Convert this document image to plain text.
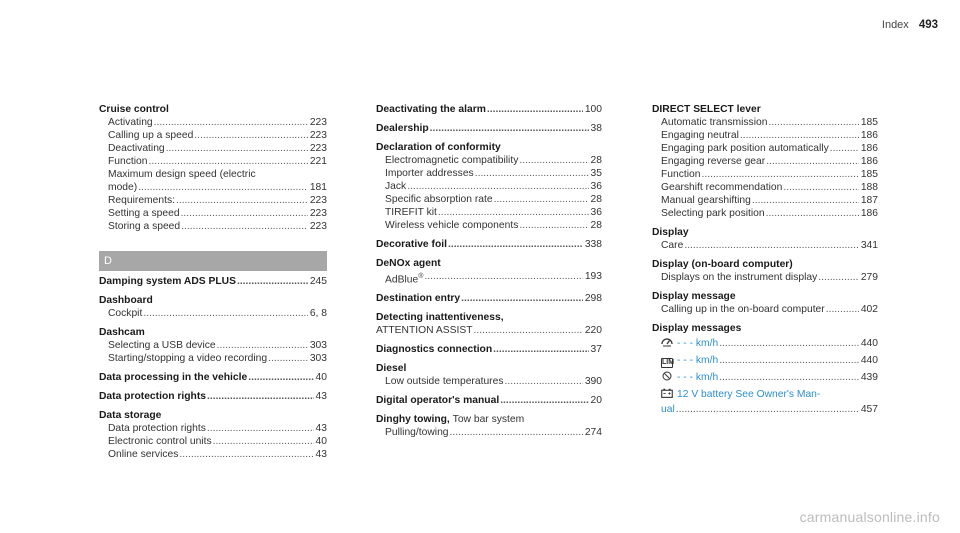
Index 493
Cruise control
Activating .....	223
Calling up a speed .....	223
Deactivating .....	223
Function .....	221
Maximum design speed (electric
mode) .....	181
Requirements: .....	223
Setting a speed .....	223
Storing a speed .....	223
D
Damping system ADS PLUS .....	245
Dashboard
Cockpit .....	6, 8
Dashcam
Selecting a USB device .....	303
Starting/stopping a video recording .....	303
Data processing in the vehicle .....	40
Data protection rights .....	43
Data storage
Data protection rights .....	43
Electronic control units .....	40
Online services .....	43
Deactivating the alarm .....	100
Dealership .....	38
Declaration of conformity
Electromagnetic compatibility .....	28
Importer addresses .....	35
Jack .....	36
Specific absorption rate .....	28
TIREFIT kit .....	36
Wireless vehicle components .....	28
Decorative foil .....	338
DeNOx agent
AdBlue® .....	193
Destination entry .....	298
Detecting inattentiveness,
ATTENTION ASSIST .....	220
Diagnostics connection .....	37
Diesel
Low outside temperatures .....	390
Digital operator's manual .....	20
Dinghy towing,
Tow bar system
Pulling/towing .....	274
DIRECT SELECT lever
Automatic transmission .....	185
Engaging neutral .....	186
Engaging park position automatically .....	186
Engaging reverse gear .....	186
Function .....	185
Gearshift recommendation .....	188
Manual gearshifting .....	187
Selecting park position .....	186
Display
Care .....	341
Display (on-board computer)
Displays on the instrument display .....	279
Display message
Calling up in the on-board computer .....	402
Display messages
- - - km/h .....	440
LIM - - - km/h .....	440
- - - km/h .....	439
12 V battery See Owner's Man-
ual .....	457
carmanualsonline.info
